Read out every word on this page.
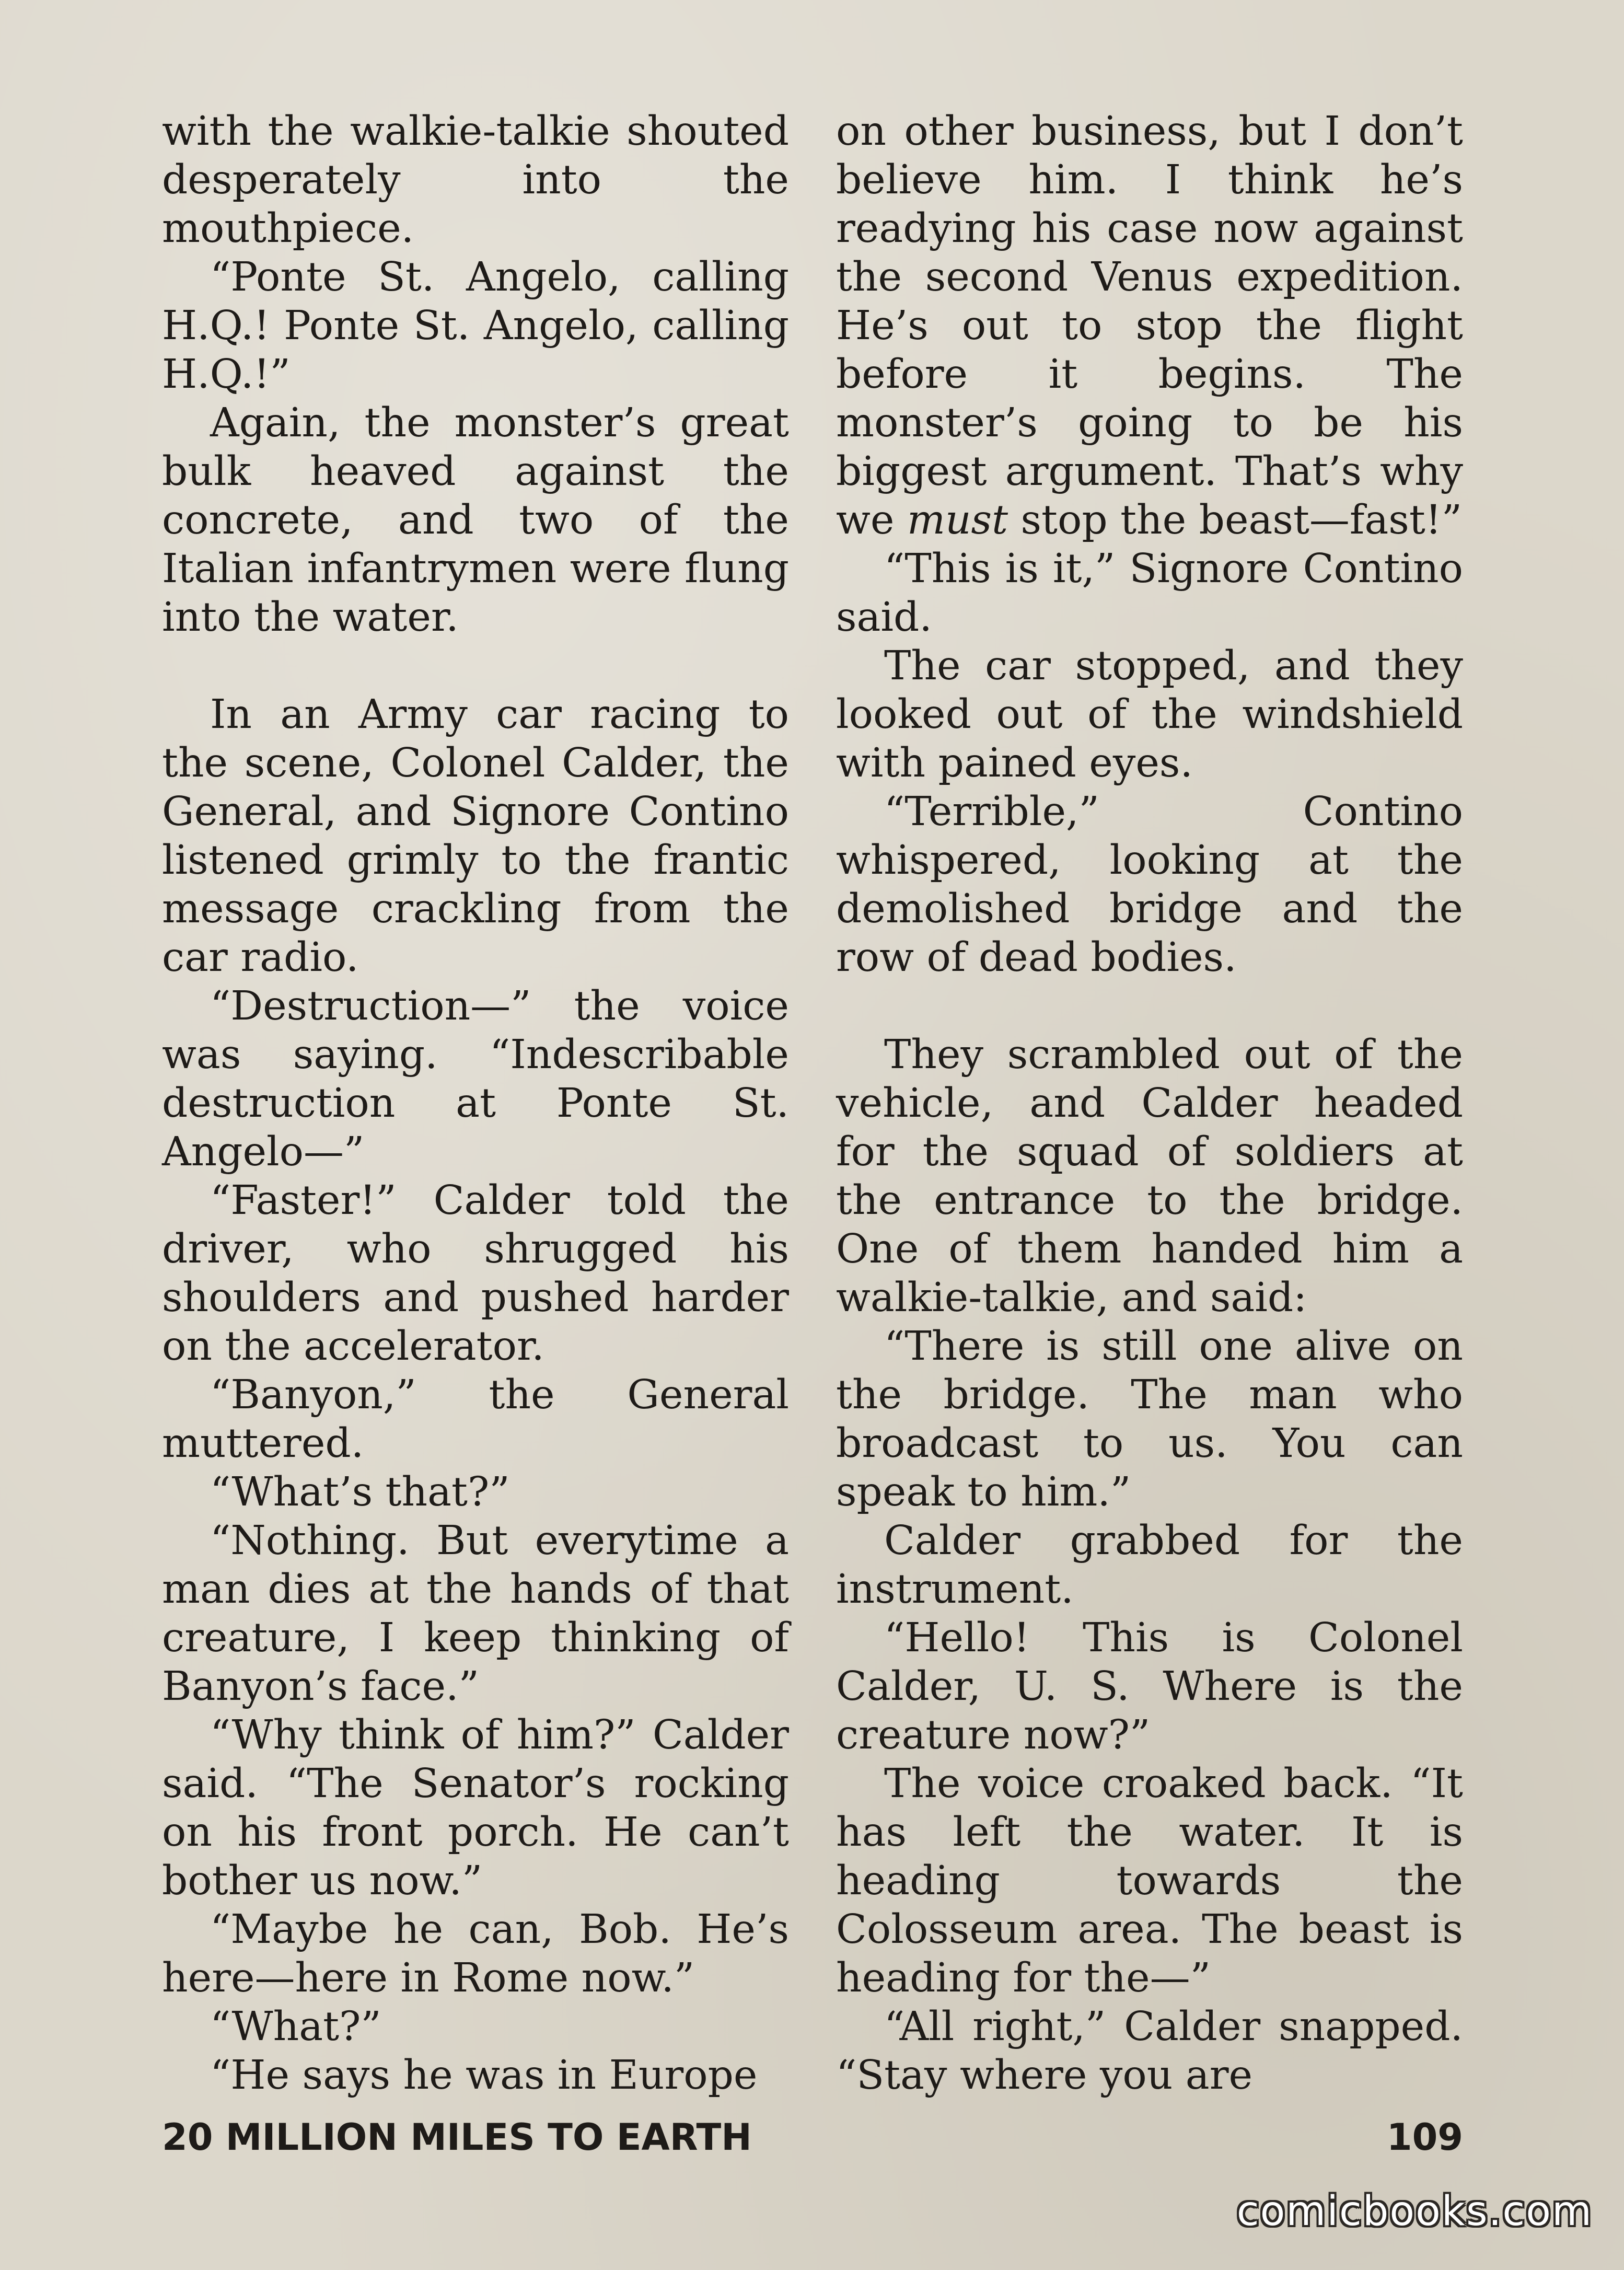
with the walkie-talkie shouted desperately into the mouthpiece.

“Ponte St. Angelo, calling H.Q.! Ponte St. Angelo, calling H.Q.!”

Again, the monster’s great bulk heaved against the concrete, and two of the Italian infantrymen were flung into the water.

In an Army car racing to the scene, Colonel Calder, the General, and Signore Contino listened grimly to the frantic message crackling from the car radio.

“Destruction—” the voice was saying. “Indescribable destruction at Ponte St. Angelo—”

“Faster!” Calder told the driver, who shrugged his shoulders and pushed harder on the accelerator.

“Banyon,” the General muttered.

“What’s that?”

“Nothing. But everytime a man dies at the hands of that creature, I keep thinking of Banyon’s face.”

“Why think of him?” Calder said. “The Senator’s rocking on his front porch. He can’t bother us now.”

“Maybe he can, Bob. He’s here—here in Rome now.”

“What?”

“He says he was in Europe

on other business, but I don’t believe him. I think he’s readying his case now against the second Venus expedition. He’s out to stop the flight before it begins. The monster’s going to be his biggest argument. That’s why we must stop the beast—fast!”

“This is it,” Signore Contino said.

The car stopped, and they looked out of the windshield with pained eyes.

“Terrible,” Contino whispered, looking at the demolished bridge and the row of dead bodies.

They scrambled out of the vehicle, and Calder headed for the squad of soldiers at the entrance to the bridge. One of them handed him a walkie-talkie, and said:

“There is still one alive on the bridge. The man who broadcast to us. You can speak to him.”

Calder grabbed for the instrument.

“Hello! This is Colonel Calder, U. S. Where is the creature now?”

The voice croaked back. “It has left the water. It is heading towards the Colosseum area. The beast is heading for the—”

“All right,” Calder snapped. “Stay where you are

20 MILLION MILES TO EARTH	109
comicbooks.com
